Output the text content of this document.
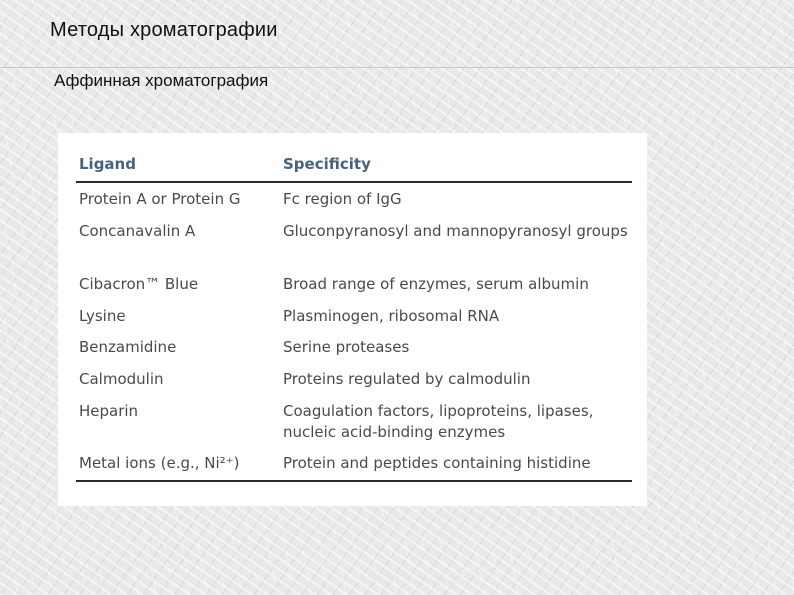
Методы хроматографии
Аффинная хроматография
Ligand	Specificity
Protein A or Protein G	Fc region of IgG
Concanavalin A	Gluconpyranosyl and mannopyranosyl groups
Cibacron™ Blue	Broad range of enzymes, serum albumin
Lysine	Plasminogen, ribosomal RNA
Benzamidine	Serine proteases
Calmodulin	Proteins regulated by calmodulin
Heparin	Coagulation factors, lipoproteins, lipases, nucleic acid-binding enzymes
Metal ions (e.g., Ni²⁺)	Protein and peptides containing histidine
